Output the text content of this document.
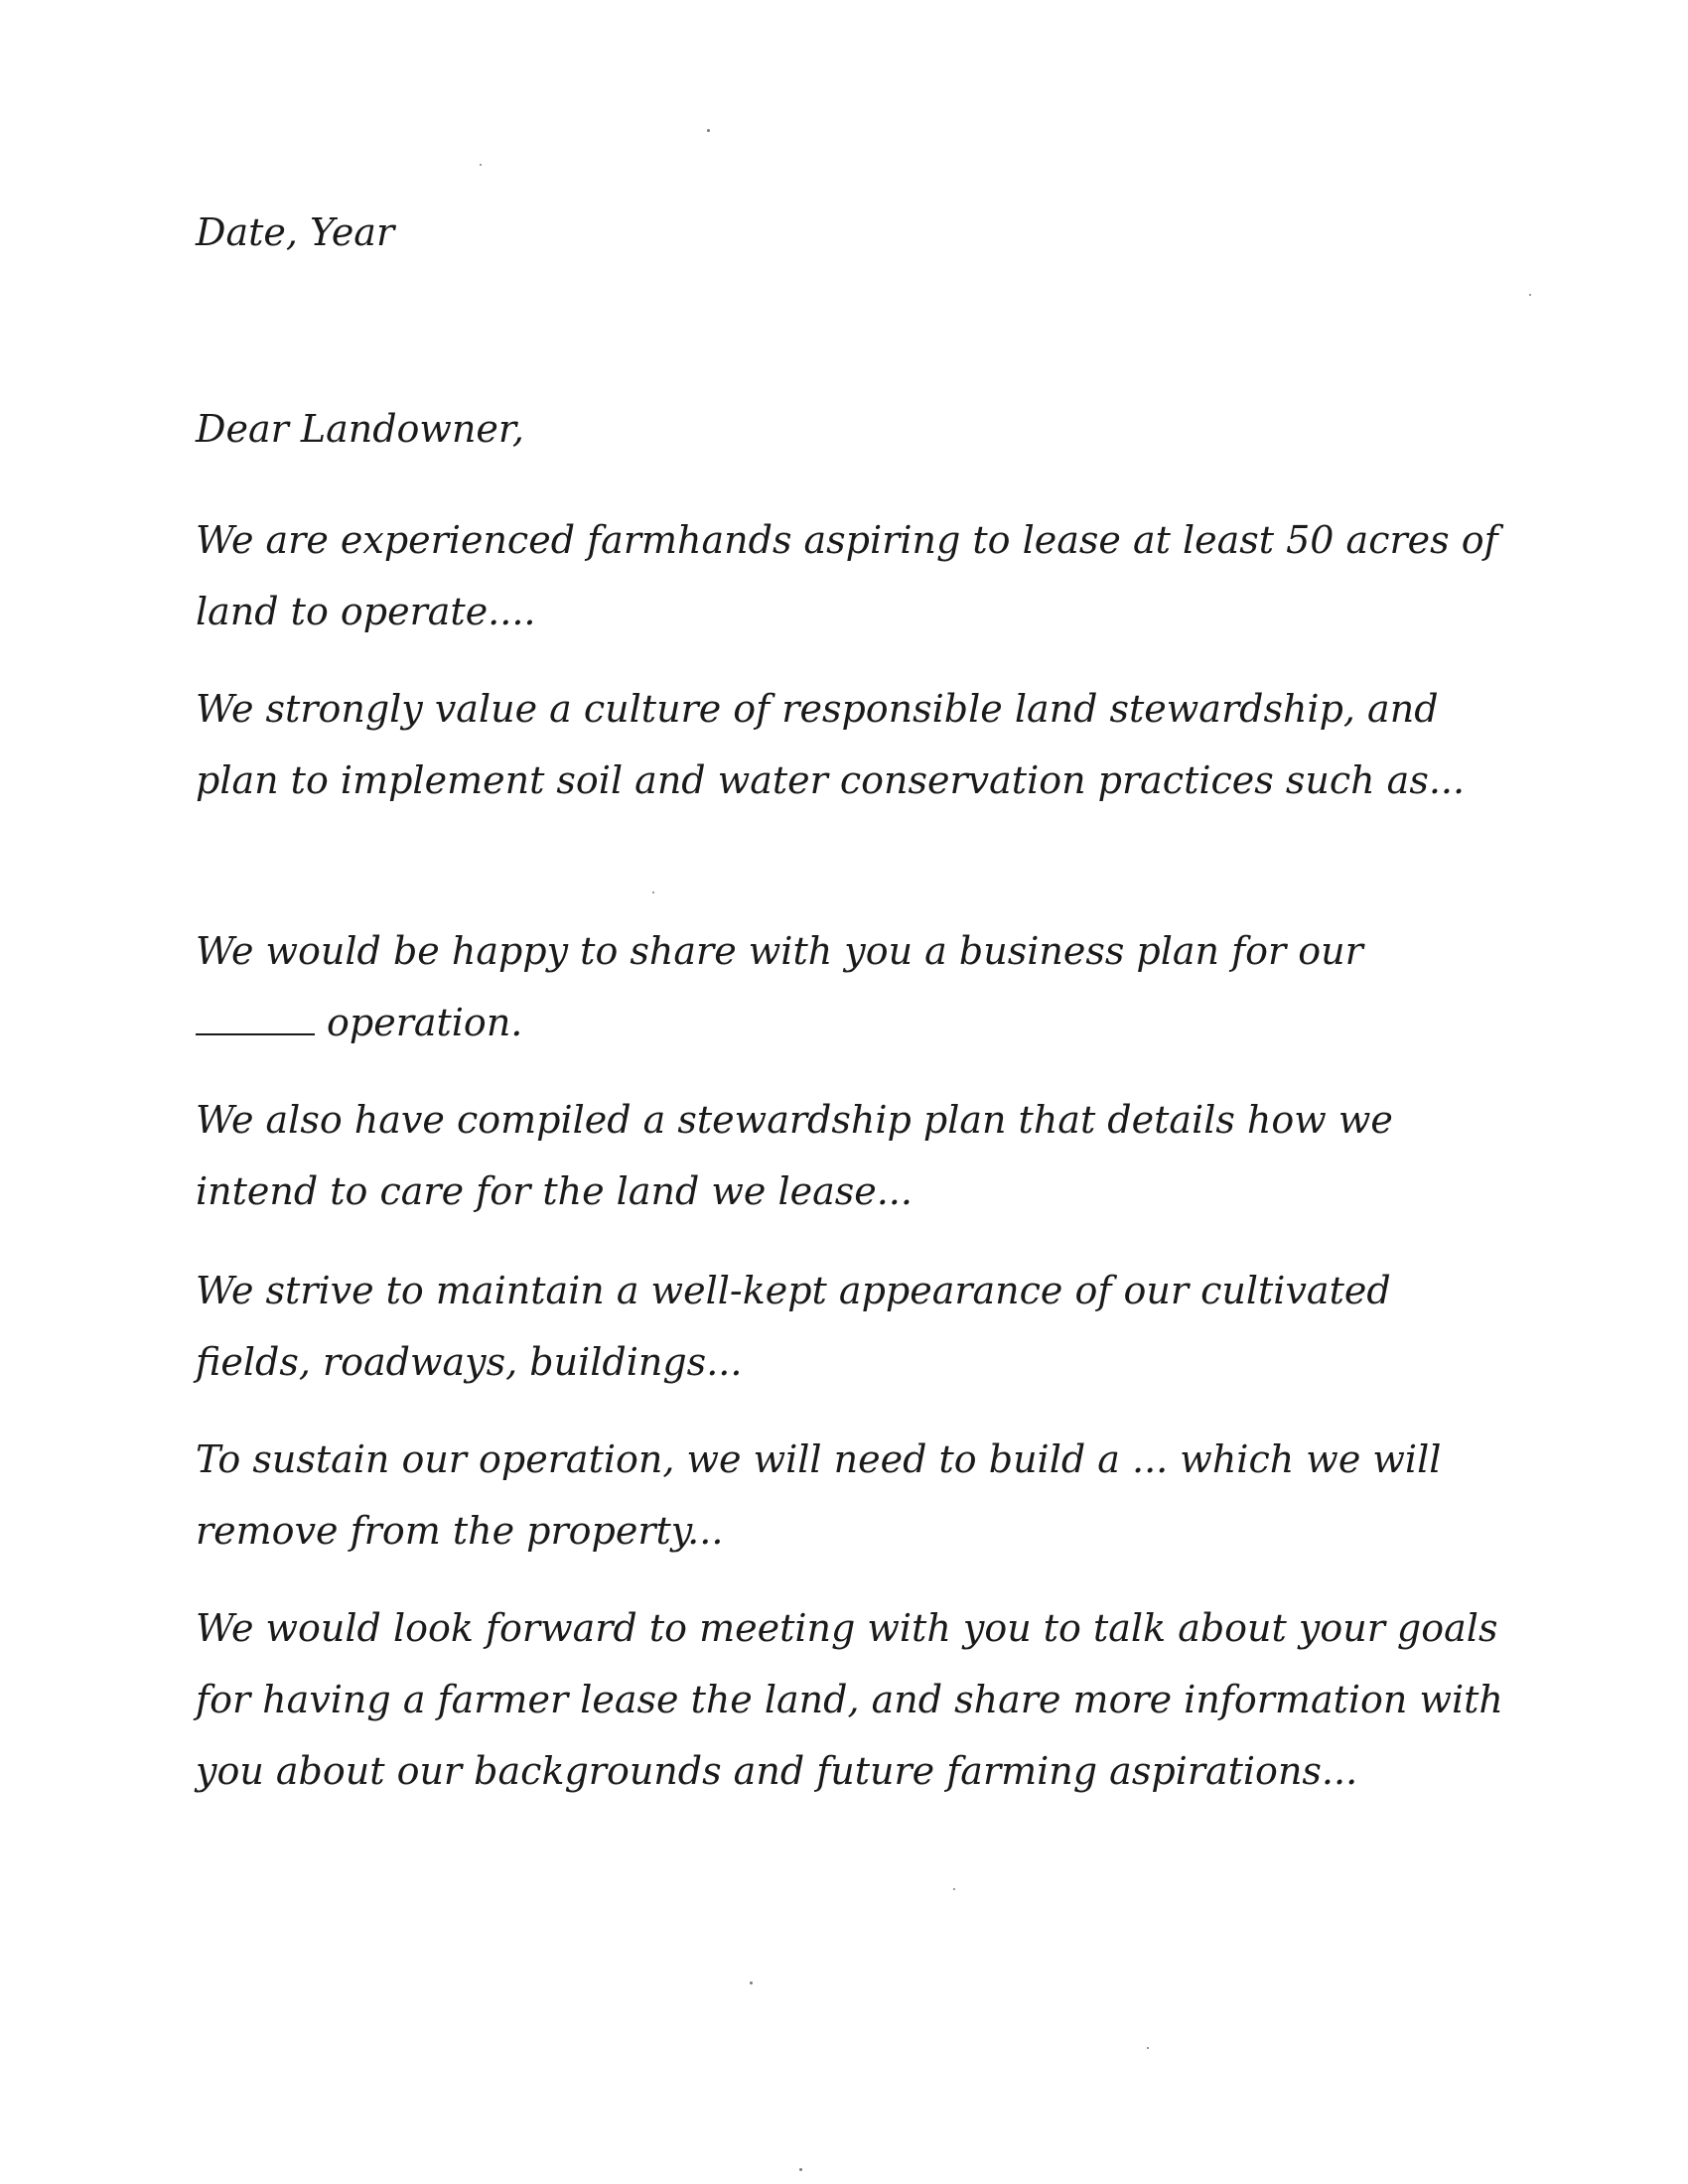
Date, Year
Dear Landowner,

We are experienced farmhands aspiring to lease at least 50 acres of land to operate....

We strongly value a culture of responsible land stewardship, and plan to implement soil and water conservation practices such as...

We would be happy to share with you a business plan for our
operation.

We also have compiled a stewardship plan that details how we intend to care for the land we lease...

We strive to maintain a well-kept appearance of our cultivated fields, roadways, buildings...

To sustain our operation, we will need to build a ... which we will remove from the property...

We would look forward to meeting with you to talk about your goals for having a farmer lease the land, and share more information with you about our backgrounds and future farming aspirations...
